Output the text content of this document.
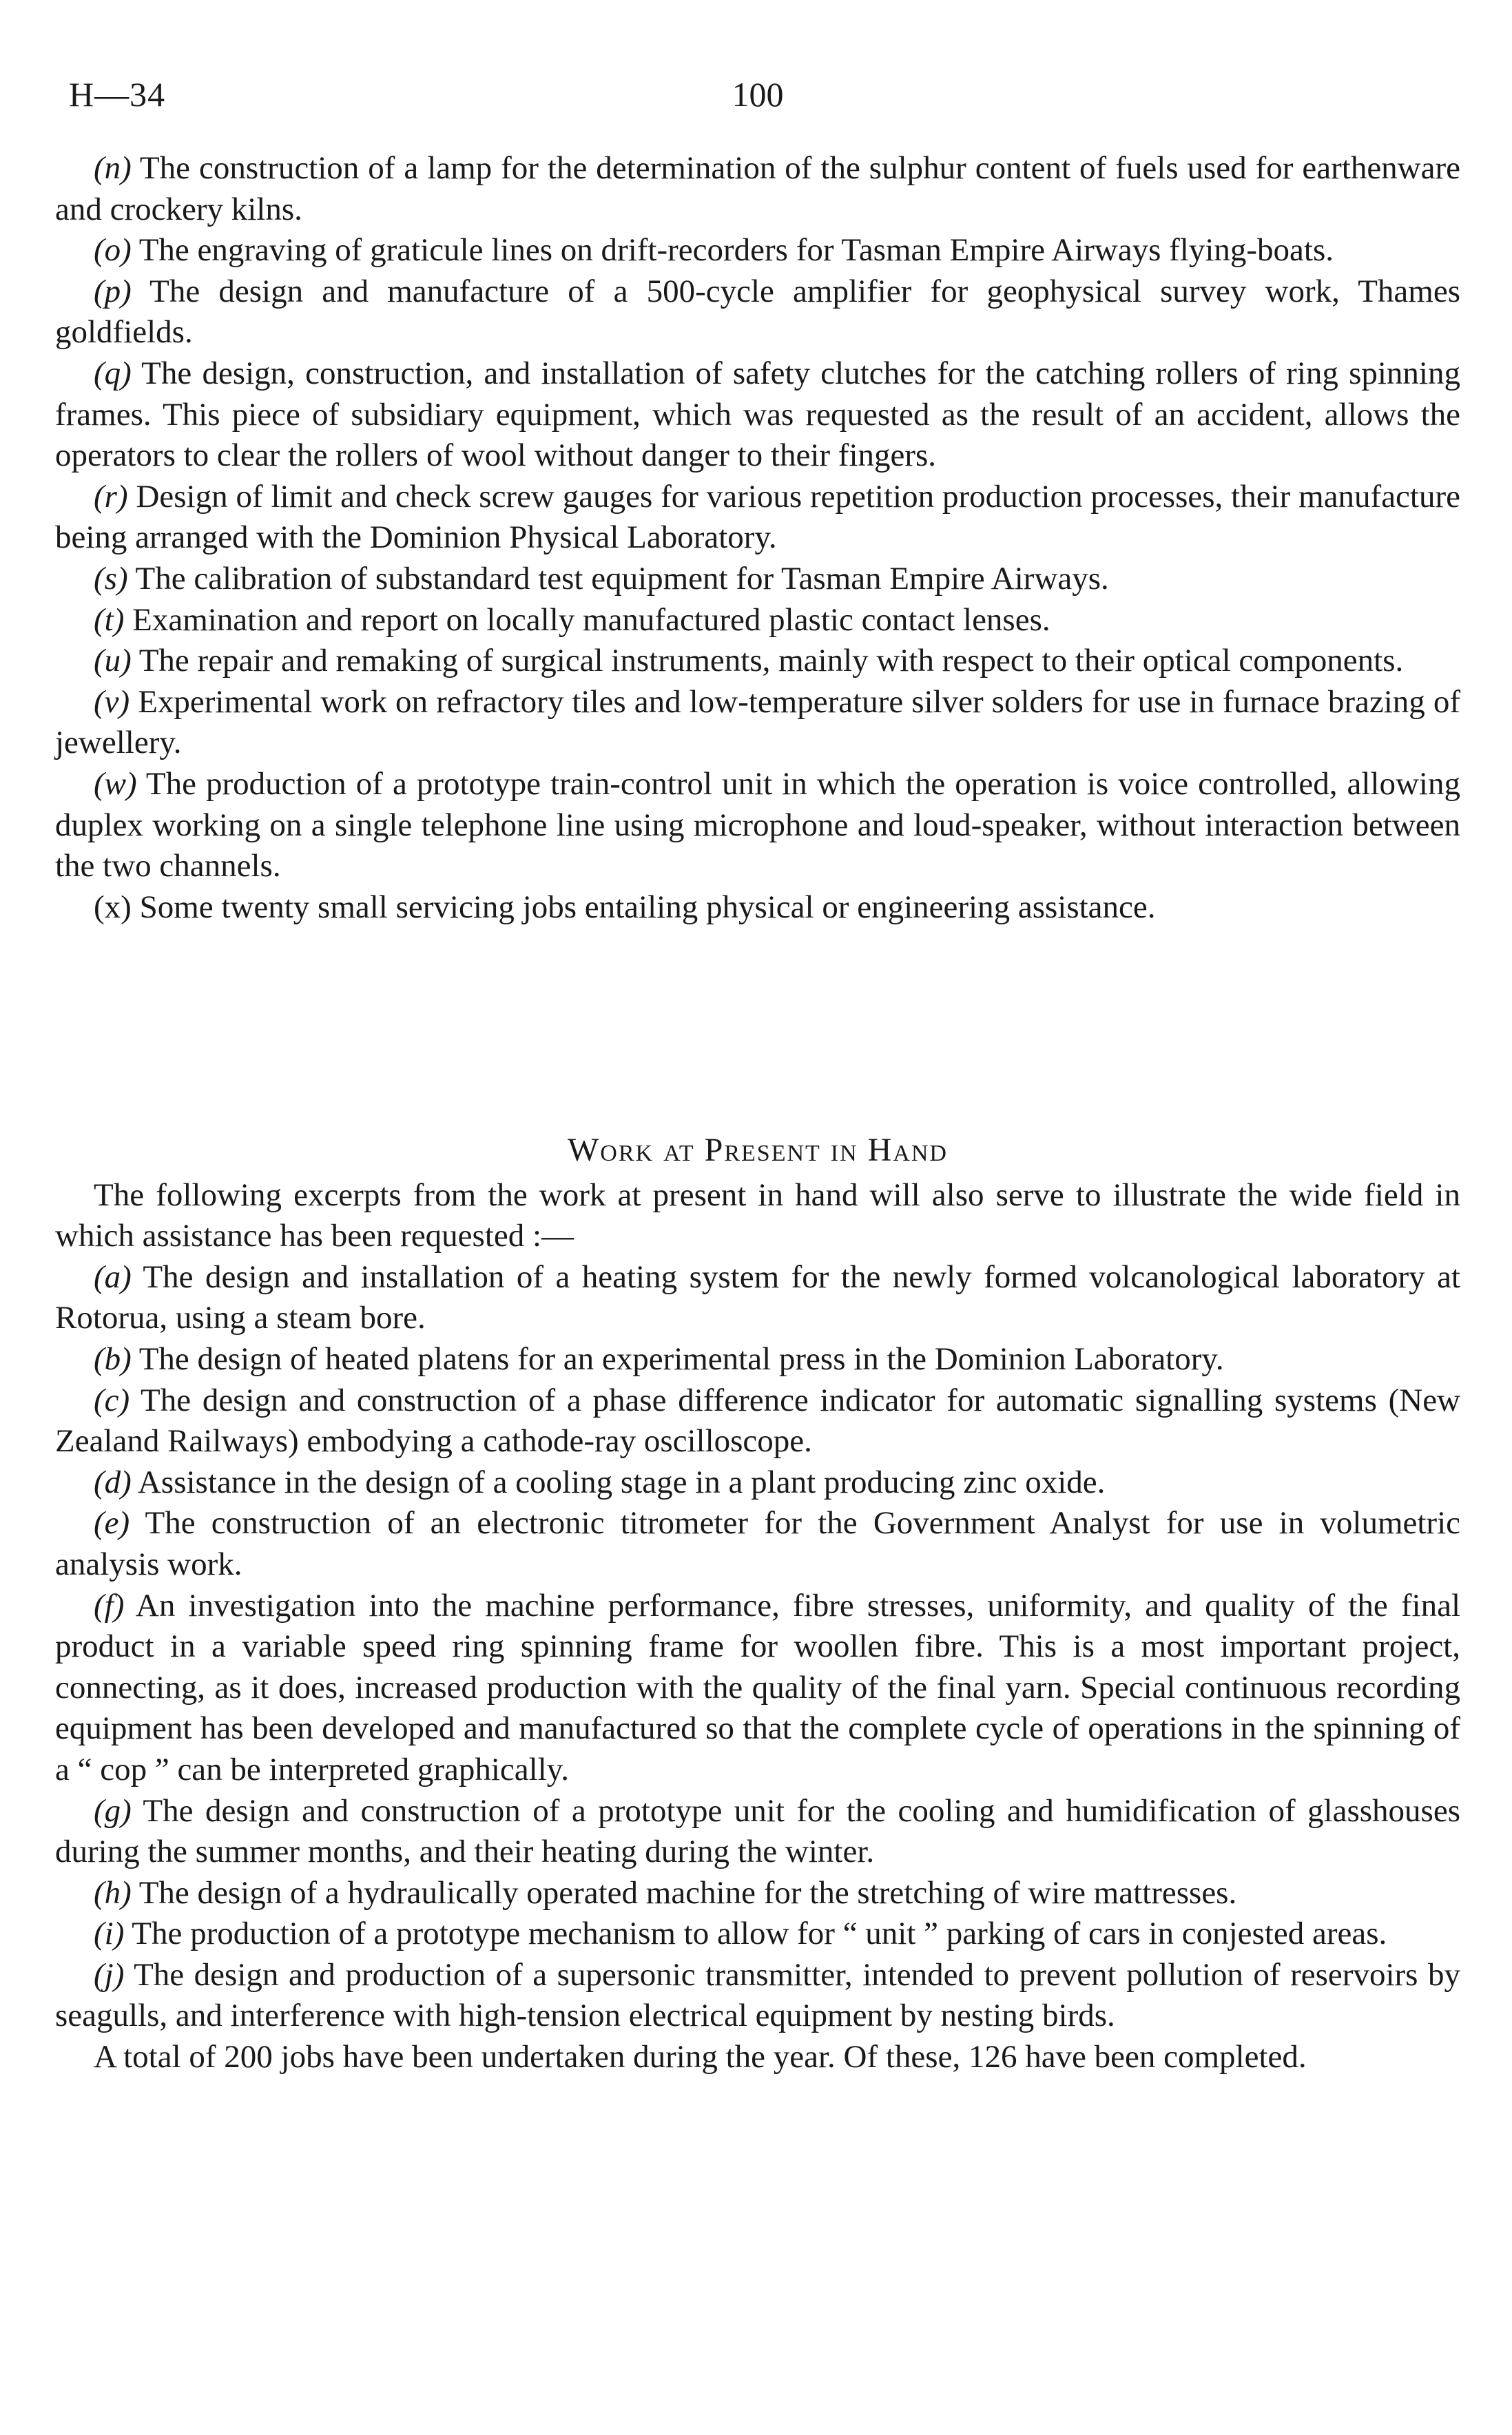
H—34	100

(n) The construction of a lamp for the determination of the sulphur content of fuels used for earthenware and crockery kilns.

(o) The engraving of graticule lines on drift-recorders for Tasman Empire Airways flying-boats.

(p) The design and manufacture of a 500-cycle amplifier for geophysical survey work, Thames goldfields.

(q) The design, construction, and installation of safety clutches for the catching rollers of ring spinning frames. This piece of subsidiary equipment, which was requested as the result of an accident, allows the operators to clear the rollers of wool without danger to their fingers.

(r) Design of limit and check screw gauges for various repetition production processes, their manufacture being arranged with the Dominion Physical Laboratory.

(s) The calibration of substandard test equipment for Tasman Empire Airways.

(t) Examination and report on locally manufactured plastic contact lenses.

(u) The repair and remaking of surgical instruments, mainly with respect to their optical components.

(v) Experimental work on refractory tiles and low-temperature silver solders for use in furnace brazing of jewellery.

(w) The production of a prototype train-control unit in which the operation is voice controlled, allowing duplex working on a single telephone line using microphone and loud-speaker, without interaction between the two channels.

(x) Some twenty small servicing jobs entailing physical or engineering assistance.

Work at Present in Hand

The following excerpts from the work at present in hand will also serve to illustrate the wide field in which assistance has been requested :—

(a) The design and installation of a heating system for the newly formed volcanological laboratory at Rotorua, using a steam bore.

(b) The design of heated platens for an experimental press in the Dominion Laboratory.

(c) The design and construction of a phase difference indicator for automatic signalling systems (New Zealand Railways) embodying a cathode-ray oscilloscope.

(d) Assistance in the design of a cooling stage in a plant producing zinc oxide.

(e) The construction of an electronic titrometer for the Government Analyst for use in volumetric analysis work.

(f) An investigation into the machine performance, fibre stresses, uniformity, and quality of the final product in a variable speed ring spinning frame for woollen fibre. This is a most important project, connecting, as it does, increased production with the quality of the final yarn. Special continuous recording equipment has been developed and manufactured so that the complete cycle of operations in the spinning of a “ cop ” can be interpreted graphically.

(g) The design and construction of a prototype unit for the cooling and humidification of glasshouses during the summer months, and their heating during the winter.

(h) The design of a hydraulically operated machine for the stretching of wire mattresses.

(i) The production of a prototype mechanism to allow for “ unit ” parking of cars in conjested areas.

(j) The design and production of a supersonic transmitter, intended to prevent pollution of reservoirs by seagulls, and interference with high-tension electrical equipment by nesting birds.

A total of 200 jobs have been undertaken during the year. Of these, 126 have been completed.
